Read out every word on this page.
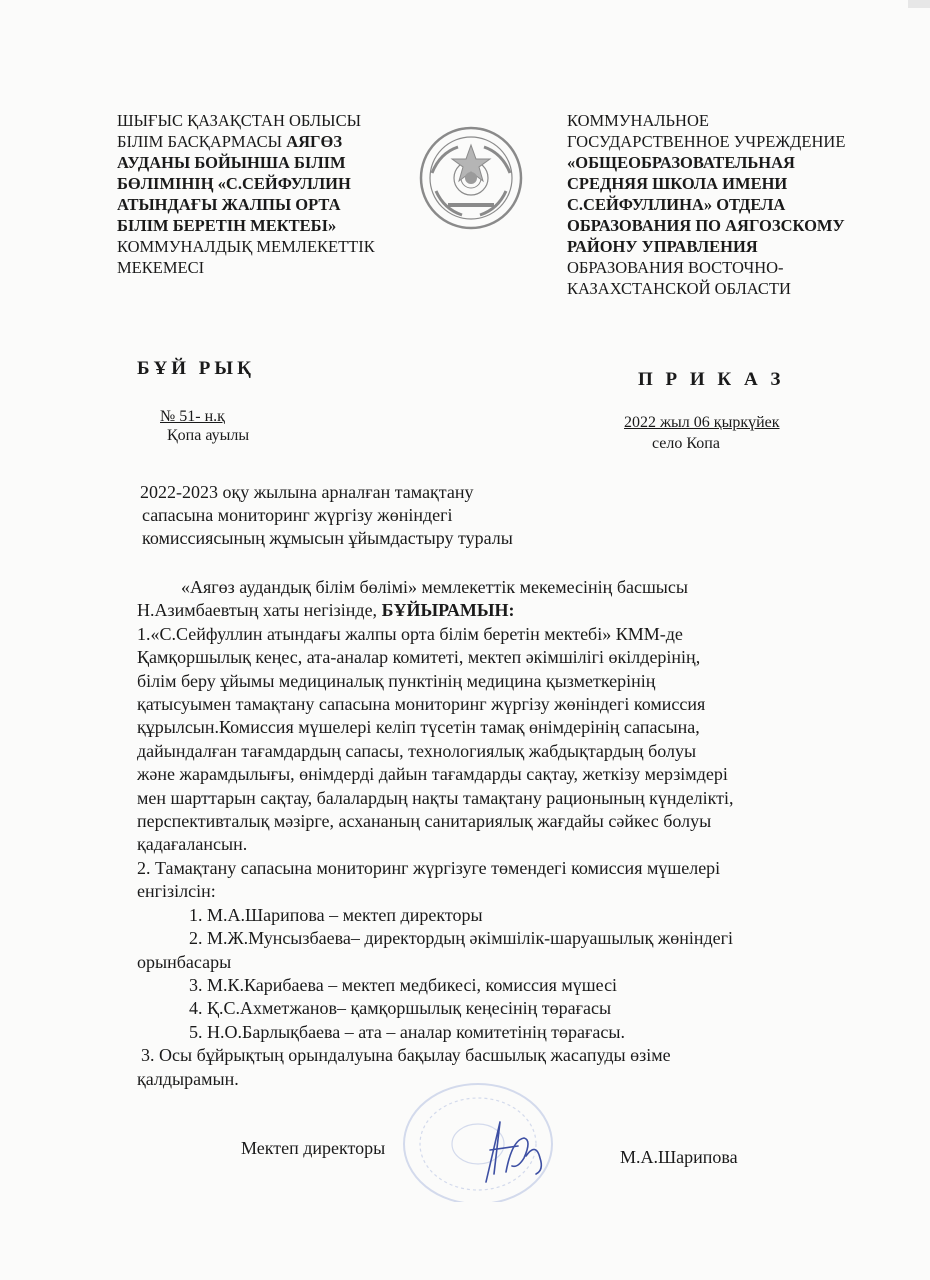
ШЫҒЫС ҚАЗАҚСТАН ОБЛЫСЫ
БІЛІМ БАСҚАРМАСЫ АЯГӨЗ
АУДАНЫ БОЙЫНША БІЛІМ
БӨЛІМІНІҢ «С.СЕЙФУЛЛИН
АТЫНДАҒЫ ЖАЛПЫ ОРТА
БІЛІМ БЕРЕТІН МЕКТЕБІ»
КОММУНАЛДЫҚ МЕМЛЕКЕТТІК
МЕКЕМЕСІ
КОММУНАЛЬНОЕ
ГОСУДАРСТВЕННОЕ УЧРЕЖДЕНИЕ
«ОБЩЕОБРАЗОВАТЕЛЬНАЯ
СРЕДНЯЯ ШКОЛА ИМЕНИ
С.СЕЙФУЛЛИНА» ОТДЕЛА
ОБРАЗОВАНИЯ ПО АЯГОЗСКОМУ
РАЙОНУ УПРАВЛЕНИЯ
ОБРАЗОВАНИЯ ВОСТОЧНО-
КАЗАХСТАНСКОЙ ОБЛАСТИ
БҰЙ РЫҚ
П Р И К А З
№ 51- н.қ
Қопа ауылы
2022 жыл 06 қыркүйек
село Копа
2022-2023 оқу жылына арналған тамақтану
сапасына мониторинг жүргізу жөніндегі
комиссиясының жұмысын ұйымдастыру туралы
«Аягөз аудандық білім бөлімі» мемлекеттік мекемесінің басшысы
Н.Азимбаевтың хаты негізінде, БҰЙЫРАМЫН:
1.«С.Сейфуллин атындағы жалпы орта білім беретін мектебі» КММ-де
Қамқоршылық кеңес, ата-аналар комитеті, мектеп әкімшілігі өкілдерінің,
білім беру ұйымы медициналық пунктінің медицина қызметкерінің
қатысуымен тамақтану сапасына мониторинг жүргізу жөніндегі комиссия
құрылсын.Комиссия мүшелері келіп түсетін тамақ өнімдерінің сапасына,
дайындалған тағамдардың сапасы, технологиялық жабдықтардың болуы
және жарамдылығы, өнімдерді дайын тағамдарды сақтау, жеткізу мерзімдері
мен шарттарын сақтау, балалардың нақты тамақтану рационының күнделікті,
перспективталық мәзірге, асхананың санитариялық жағдайы сәйкес болуы
қадағалансын.
2. Тамақтану сапасына мониторинг жүргізуге төмендегі комиссия мүшелері
енгізілсін:
1. М.А.Шарипова – мектеп директоры
2. М.Ж.Мунсызбаева– директордың әкімшілік-шаруашылық жөніндегі
орынбасары
3. М.К.Карибаева – мектеп медбикесі, комиссия мүшесі
4. Қ.С.Ахметжанов– қамқоршылық кеңесінің төрағасы
5. Н.О.Барлықбаева – ата – аналар комитетінің төрағасы.
3. Осы бұйрықтың орындалуына бақылау басшылық жасапуды өзіме
қалдырамын.
Мектеп директоры	М.А.Шарипова
